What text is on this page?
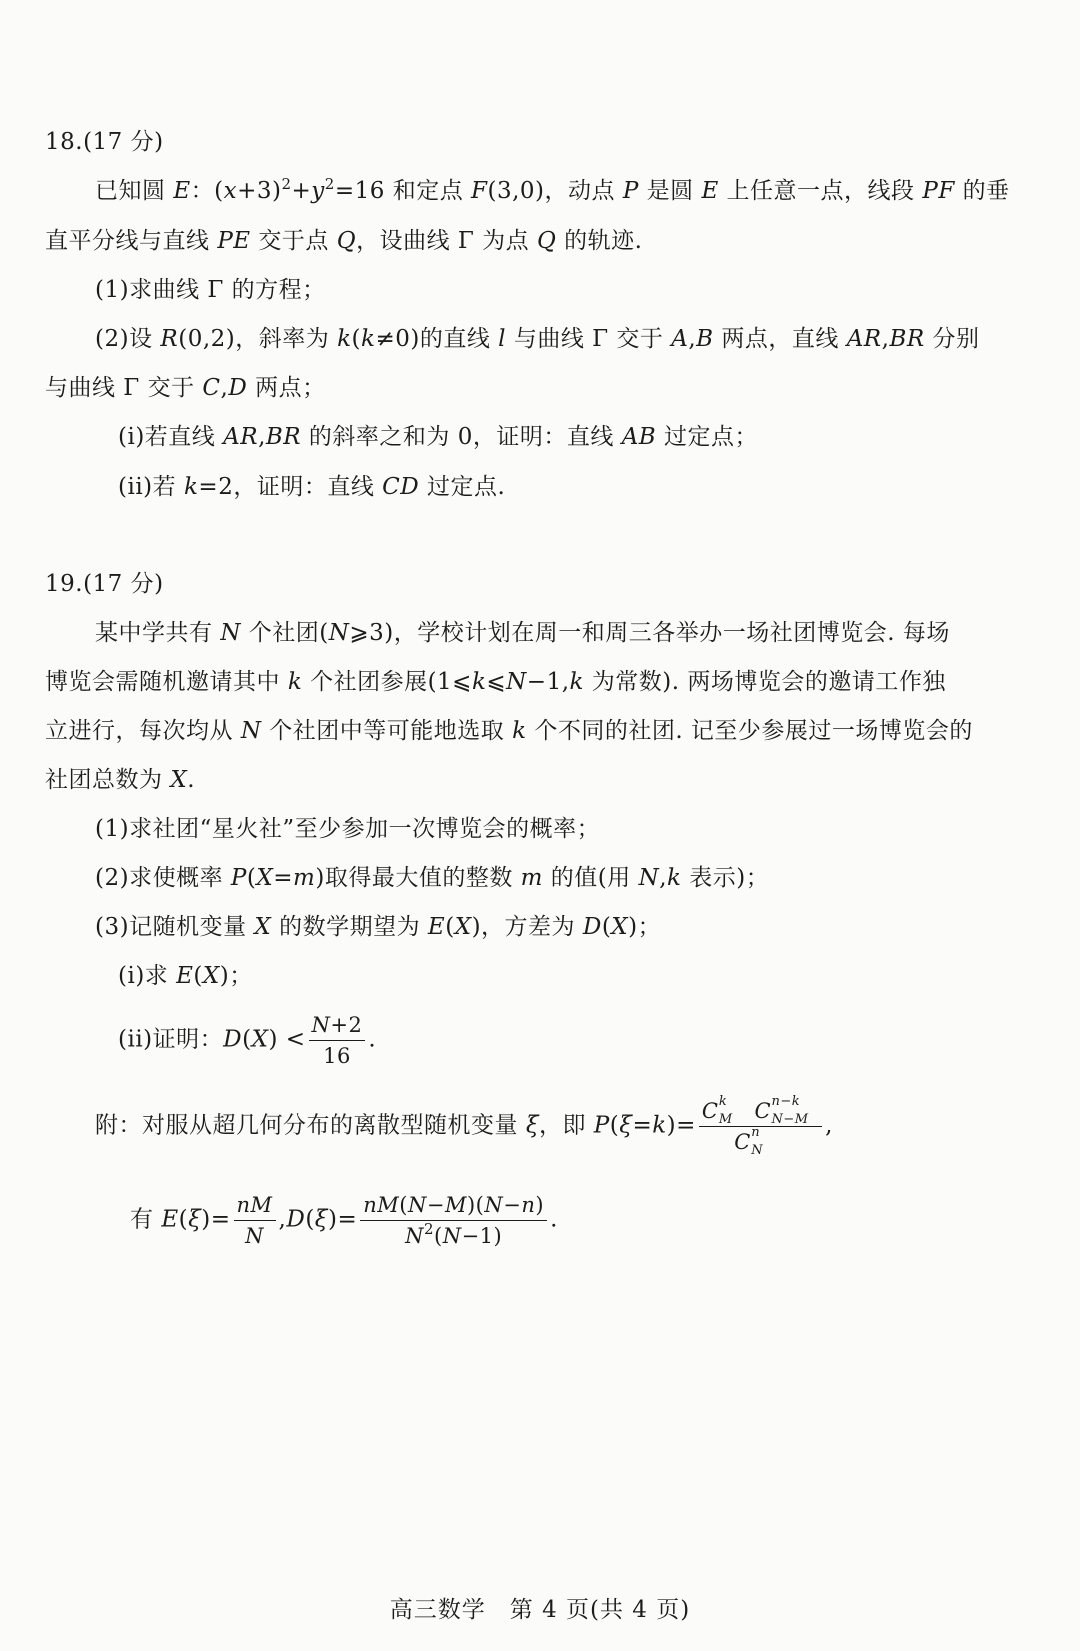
18.(17 分)
已知圆 E：$(x+3)^2+y^2=16$ 和定点 F(3,0)，动点 P 是圆 E 上任意一点，线段 PF 的垂
直平分线与直线 PE 交于点 Q，设曲线 Γ 为点 Q 的轨迹.
(1)求曲线 Γ 的方程；
(2)设 R(0,2)，斜率为 k(k≠0)的直线 l 与曲线 Γ 交于 A,B 两点，直线 AR,BR 分别
与曲线 Γ 交于 C,D 两点；
(i)若直线 AR,BR 的斜率之和为 0，证明：直线 AB 过定点；
(ii)若 k=2，证明：直线 CD 过定点.
19.(17 分)
某中学共有 N 个社团(N⩾3)，学校计划在周一和周三各举办一场社团博览会. 每场
博览会需随机邀请其中 k 个社团参展(1⩽k⩽N−1,k 为常数). 两场博览会的邀请工作独
立进行，每次均从 N 个社团中等可能地选取 k 个不同的社团. 记至少参展过一场博览会的
社团总数为 X.
(1)求社团“星火社”至少参加一次博览会的概率；
(2)求使概率 P(X=m)取得最大值的整数 m 的值(用 N,k 表示)；
(3)记随机变量 X 的数学期望为 E(X)，方差为 D(X)；
(i)求 E(X)；
(ii)证明：$D(X) < \frac{N+2}{16}$ .
附：对服从超几何分布的离散型随机变量 ξ，即 P(ξ=k)= C k
M C n−k
N−M
C n
N ,
有 $E(\xi)= \frac{nM}{N} ,D(\xi)= \frac{nM(N-M)(N-n)}{N^2(N-1)}$ .
高三数学　第 4 页(共 4 页)
